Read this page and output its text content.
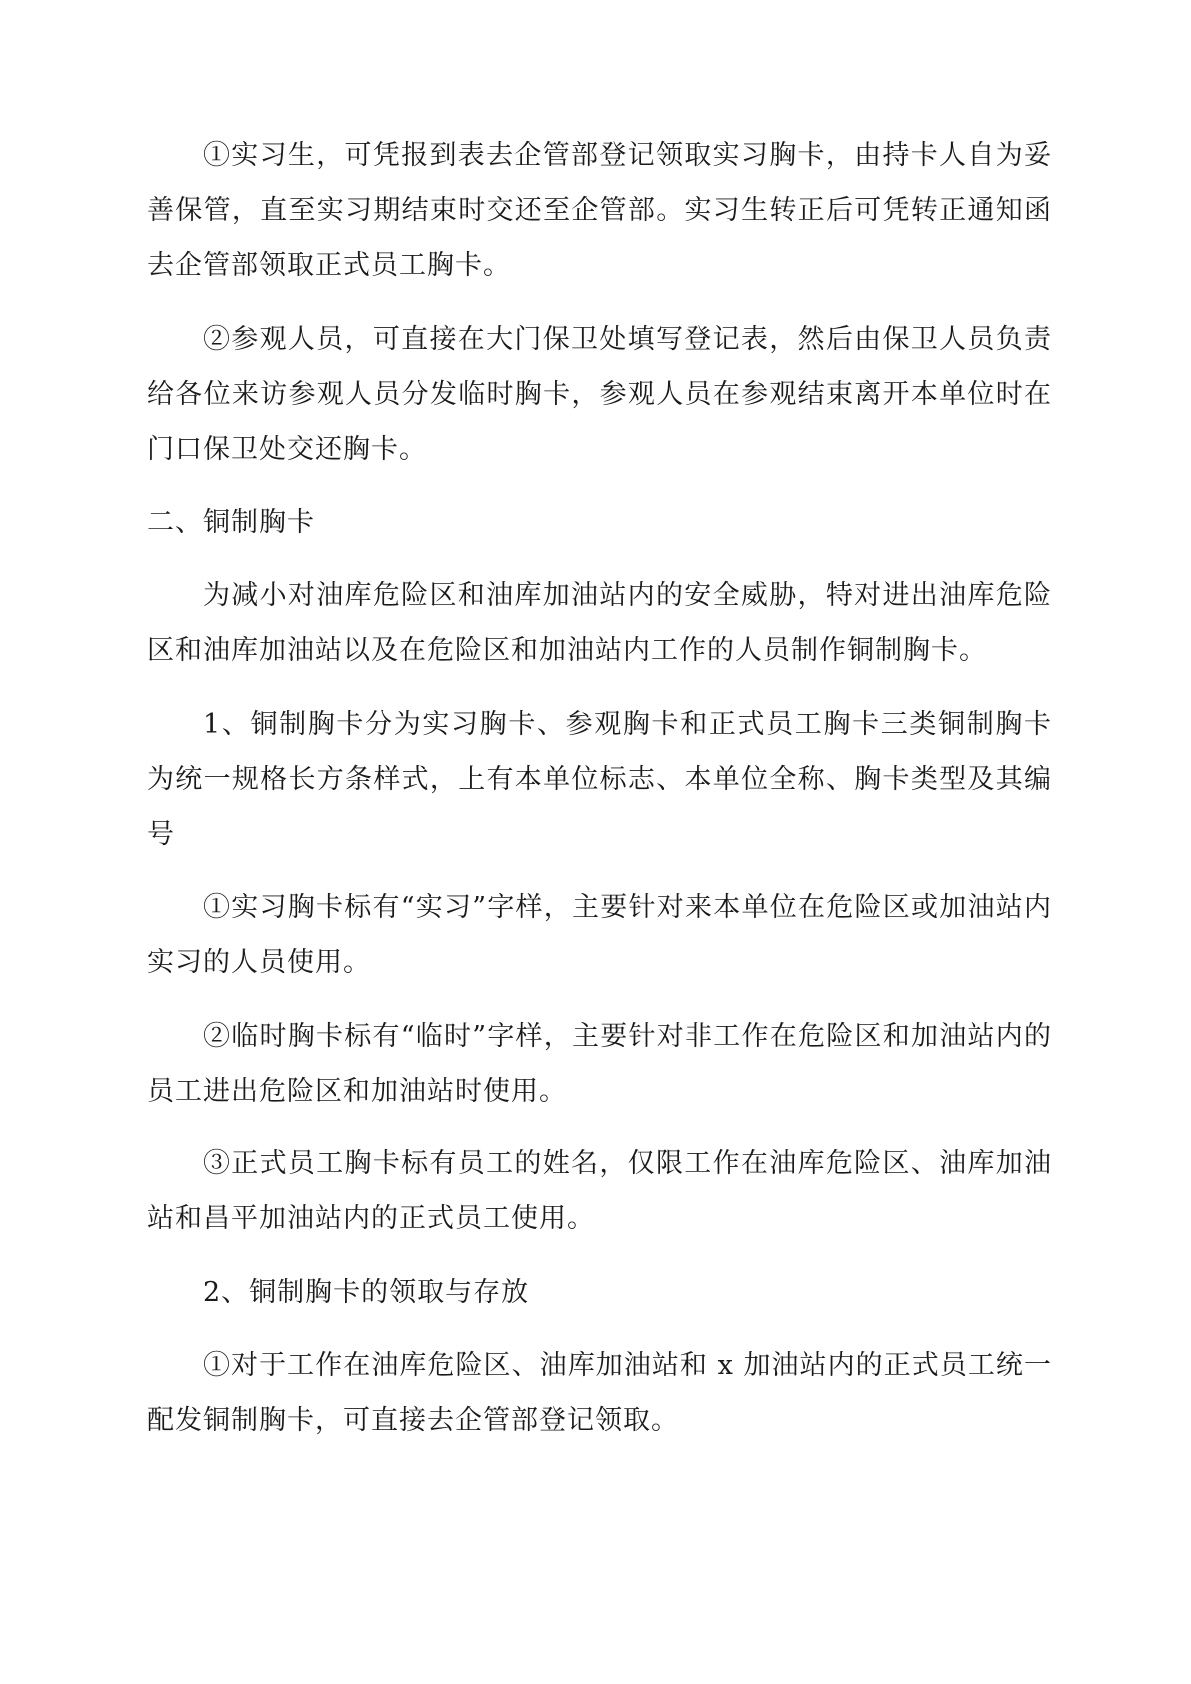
①实习生，可凭报到表去企管部登记领取实习胸卡，由持卡人自为妥善保管，直至实习期结束时交还至企管部。实习生转正后可凭转正通知函去企管部领取正式员工胸卡。

②参观人员，可直接在大门保卫处填写登记表，然后由保卫人员负责给各位来访参观人员分发临时胸卡，参观人员在参观结束离开本单位时在门口保卫处交还胸卡。

二、铜制胸卡

为减小对油库危险区和油库加油站内的安全威胁，特对进出油库危险区和油库加油站以及在危险区和加油站内工作的人员制作铜制胸卡。

1、铜制胸卡分为实习胸卡、参观胸卡和正式员工胸卡三类铜制胸卡为统一规格长方条样式，上有本单位标志、本单位全称、胸卡类型及其编号

①实习胸卡标有“实习”字样，主要针对来本单位在危险区或加油站内实习的人员使用。

②临时胸卡标有“临时”字样，主要针对非工作在危险区和加油站内的员工进出危险区和加油站时使用。

③正式员工胸卡标有员工的姓名，仅限工作在油库危险区、油库加油站和昌平加油站内的正式员工使用。

2、铜制胸卡的领取与存放

①对于工作在油库危险区、油库加油站和 x 加油站内的正式员工统一配发铜制胸卡，可直接去企管部登记领取。
